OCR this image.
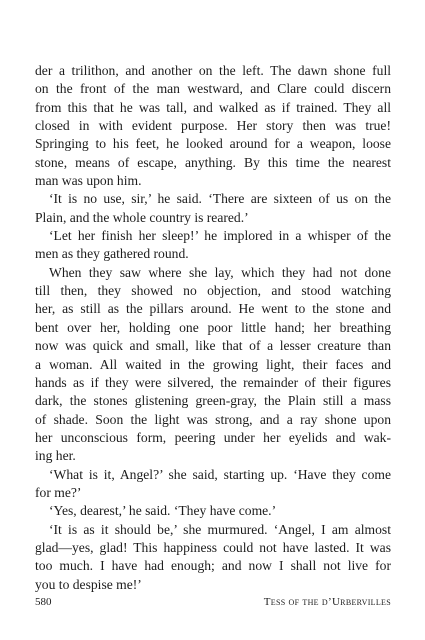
der a trilithon, and another on the left. The dawn shone full
on the front of the man westward, and Clare could discern
from this that he was tall, and walked as if trained. They all
closed in with evident purpose. Her story then was true!
Springing to his feet, he looked around for a weapon, loose
stone, means of escape, anything. By this time the nearest
man was upon him.
‘It is no use, sir,’ he said. ‘There are sixteen of us on the
Plain, and the whole country is reared.’
‘Let her finish her sleep!’ he implored in a whisper of the
men as they gathered round.
When they saw where she lay, which they had not done
till then, they showed no objection, and stood watching
her, as still as the pillars around. He went to the stone and
bent over her, holding one poor little hand; her breathing
now was quick and small, like that of a lesser creature than
a woman. All waited in the growing light, their faces and
hands as if they were silvered, the remainder of their figures
dark, the stones glistening green-gray, the Plain still a mass
of shade. Soon the light was strong, and a ray shone upon
her unconscious form, peering under her eyelids and wak-
ing her.
‘What is it, Angel?’ she said, starting up. ‘Have they come
for me?’
‘Yes, dearest,’ he said. ‘They have come.’
‘It is as it should be,’ she murmured. ‘Angel, I am almost
glad—yes, glad! This happiness could not have lasted. It was
too much. I have had enough; and now I shall not live for
you to despise me!’
580	Tess of the d’Urbervilles
